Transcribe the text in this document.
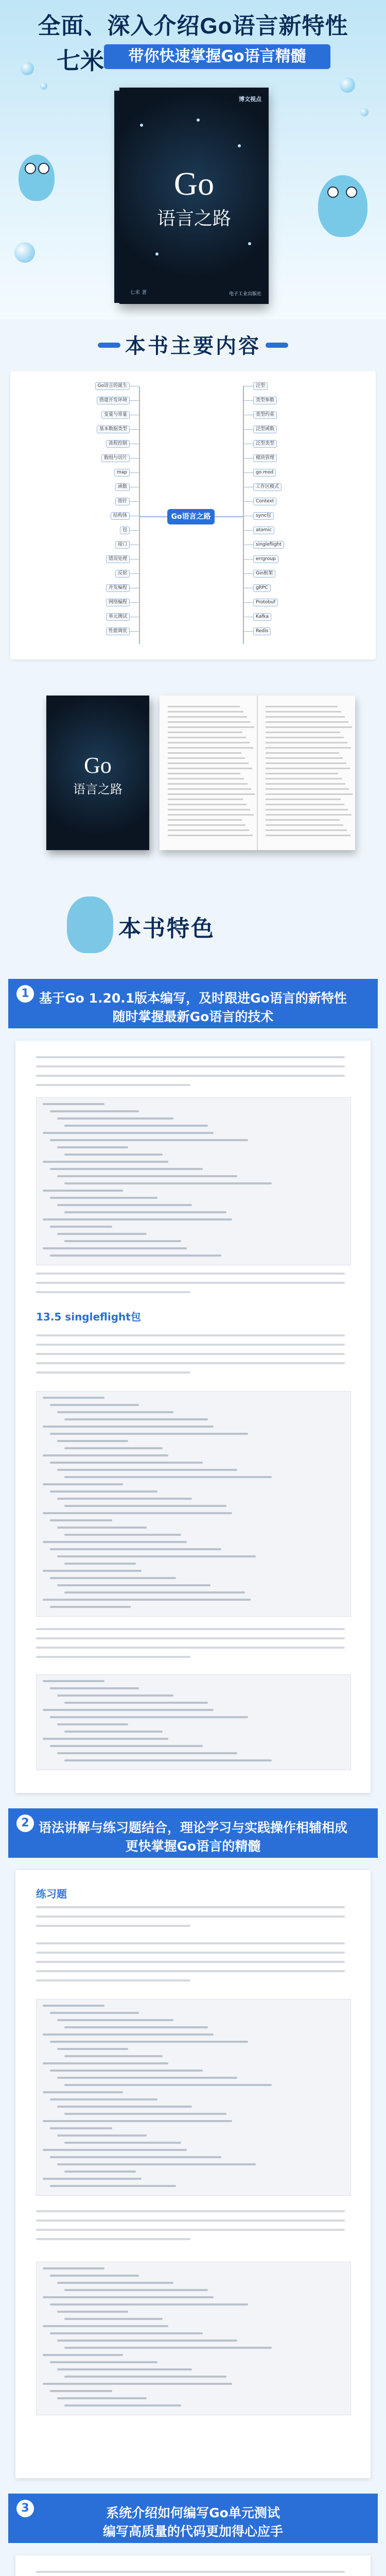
全面、深入介绍Go语言新特性
七米	带你快速掌握Go语言精髓
博文视点
Go
语言之路
七米 著	电子工业出版社
本书主要内容
Go语言之路
Go语言的诞生
搭建开发环境
变量与常量
基本数据类型
流程控制
数组与切片
map
函数
指针
结构体
包
接口
错误处理
反射
并发编程
网络编程
单元测试
性能调优
泛型
类型参数
类型约束
泛型函数
泛型类型
模块管理
go mod
工作区模式
Context
sync包
atomic
singleflight
errgroup
Gin框架
gRPC
Protobuf
Kafka
Redis
Go
语言之路
本书特色
1 基于Go 1.20.1版本编写，及时跟进Go语言的新特性
随时掌握最新Go语言的技术
13.5 singleflight包
2 语法讲解与练习题结合，理论学习与实践操作相辅相成
更快掌握Go语言的精髓
练习题
3	系统介绍如何编写Go单元测试
编写高质量的代码更加得心应手
